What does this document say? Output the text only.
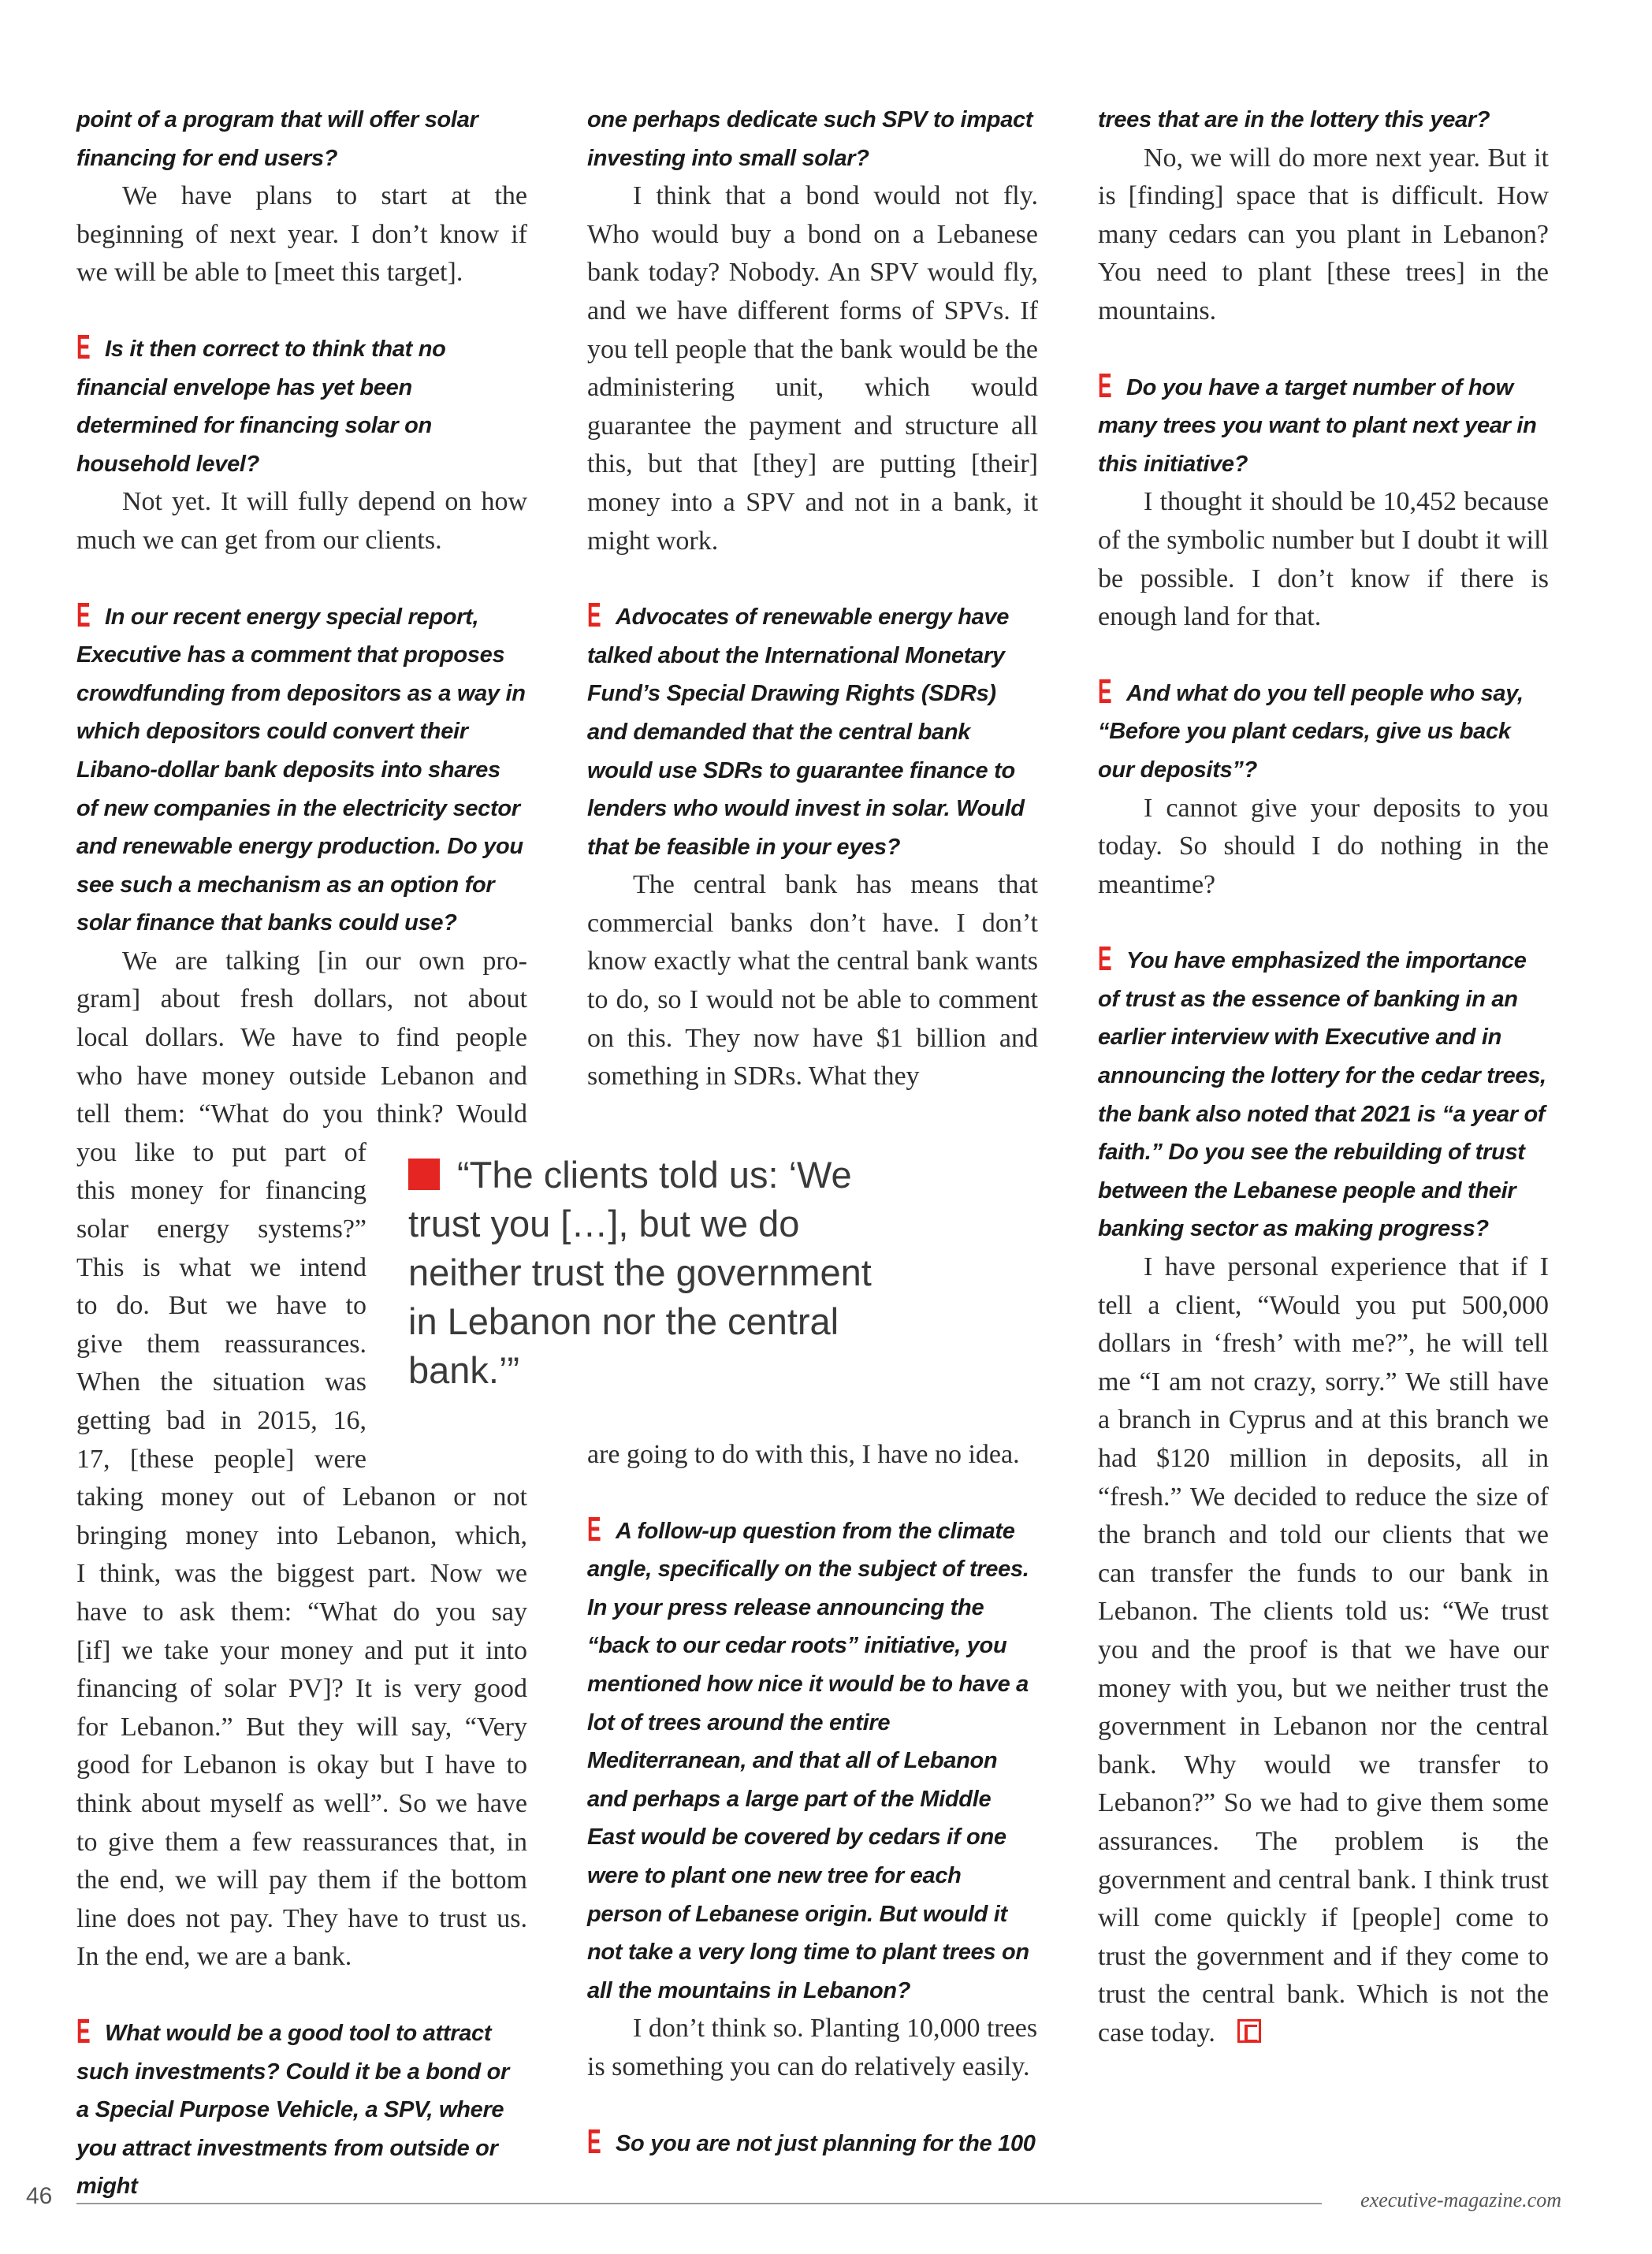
point of a program that will offer solar financing for end users?

We have plans to start at the beginning of next year. I don’t know if we will be able to [meet this target].

E Is it then correct to think that no financial envelope has yet been determined for financing solar on household level?

Not yet. It will fully depend on how much we can get from our clients.

E In our recent energy special report, Executive has a comment that proposes crowdfunding from depositors as a way in which depositors could convert their Libano-dollar bank deposits into shares of new companies in the electricity sector and renewable energy production. Do you see such a mechanism as an option for solar finance that banks could use?

We are talking [in our own pro-
gram] about fresh dollars, not about
local dollars. We have to find people
who have money outside Lebanon and
tell them: “What do you think? Would
you like to put part of
this money for financing
solar energy systems?”
This is what we intend
to do. But we have to
give them reassurances.
When the situation was
getting bad in 2015, 16,
17, [these people] were
taking money out of Lebanon or not
bringing money into Lebanon, which,
I think, was the biggest part. Now we
have to ask them: “What do you say
[if] we take your money and put it into
financing of solar PV]? It is very good
for Lebanon.” But they will say, “Very
good for Lebanon is okay but I have to
think about myself as well”. So we have
to give them a few reassurances that, in
the end, we will pay them if the bottom
line does not pay. They have to trust us.
In the end, we are a bank.

E What would be a good tool to attract such investments? Could it be a bond or a Special Purpose Vehicle, a SPV, where you attract investments from outside or might

one perhaps dedicate such SPV to impact investing into small solar?

I think that a bond would not fly. Who would buy a bond on a Lebanese bank today? Nobody. An SPV would fly, and we have different forms of SPVs. If you tell people that the bank would be the administering unit, which would guarantee the payment and structure all this, but that [they] are putting [their] money into a SPV and not in a bank, it might work.

E Advocates of renewable energy have talked about the International Monetary Fund’s Special Drawing Rights (SDRs) and demanded that the central bank would use SDRs to guarantee finance to lenders who would invest in solar. Would that be feasible in your eyes?

The central bank has means that commercial banks don’t have. I don’t know exactly what the central bank wants to do, so I would not be able to comment on this. They now have $1 billion and something in SDRs. What they

are going to do with this, I have no idea.

E A follow-up question from the climate angle, specifically on the subject of trees. In your press release announcing the “back to our cedar roots” initiative, you mentioned how nice it would be to have a lot of trees around the entire Mediterranean, and that all of Lebanon and perhaps a large part of the Middle East would be covered by cedars if one were to plant one new tree for each person of Lebanese origin. But would it not take a very long time to plant trees on all the mountains in Lebanon?

I don’t think so. Planting 10,000 trees is something you can do relatively easily.

E So you are not just planning for the 100

trees that are in the lottery this year?

No, we will do more next year. But it is [finding] space that is difficult. How many cedars can you plant in Lebanon? You need to plant [these trees] in the mountains.

E Do you have a target number of how many trees you want to plant next year in this initiative?

I thought it should be 10,452 because of the symbolic number but I doubt it will be possible. I don’t know if there is enough land for that.

E And what do you tell people who say, “Before you plant cedars, give us back our deposits”?

I cannot give your deposits to you today. So should I do nothing in the meantime?

E You have emphasized the importance of trust as the essence of banking in an earlier interview with Executive and in announcing the lottery for the cedar trees, the bank also noted that 2021 is “a year of faith.” Do you see the rebuilding of trust between the Lebanese people and their banking sector as making progress?

I have personal experience that if I tell a client, “Would you put 500,000 dollars in ‘fresh’ with me?”, he will tell me “I am not crazy, sorry.” We still have a branch in Cyprus and at this branch we had $120 million in deposits, all in “fresh.” We decided to reduce the size of the branch and told our clients that we can transfer the funds to our bank in Lebanon. The clients told us: “We trust you and the proof is that we have our money with you, but we neither trust the government in Lebanon nor the central bank. Why would we transfer to Lebanon?” So we had to give them some assurances. The problem is the government and central bank. I think trust will come quickly if [people] come to trust the government and if they come to trust the central bank. Which is not the case today.

“The clients told us: ‘We trust you […], but we do neither trust the government in Lebanon nor the central bank.’”

46	executive-magazine.com
